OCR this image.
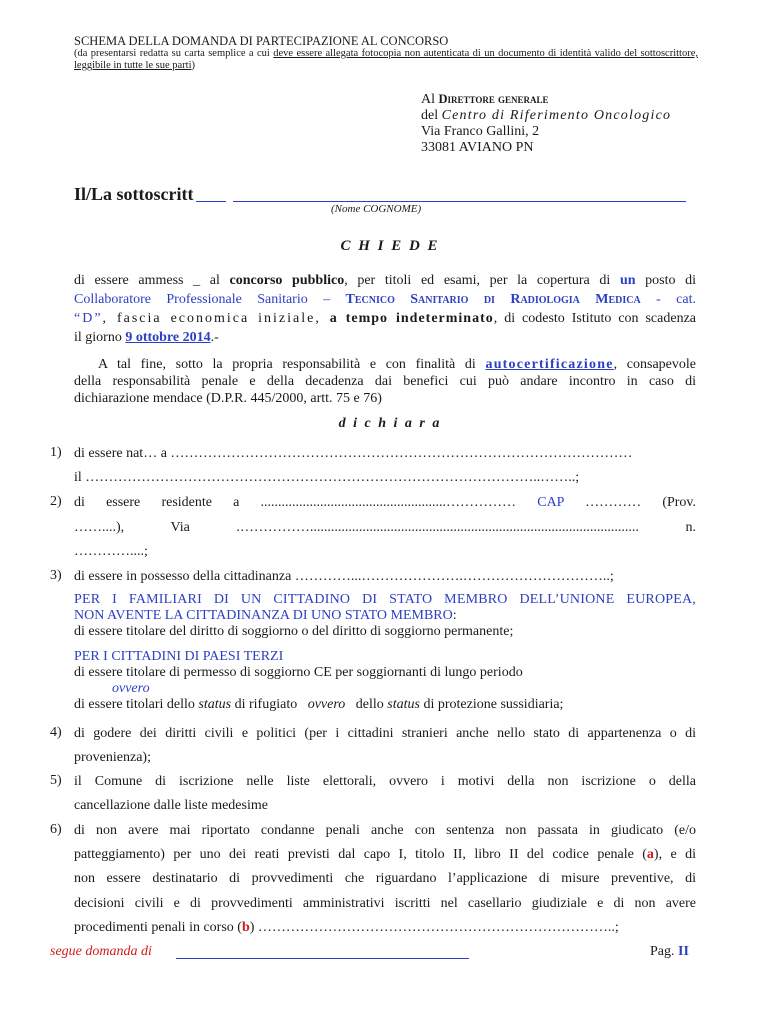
SCHEMA DELLA DOMANDA DI PARTECIPAZIONE AL CONCORSO
(da presentarsi redatta su carta semplice a cui deve essere allegata fotocopia non autenticata di un documento di identità valido del sottoscrittore,
leggibile in tutte le sue parti)
Al Direttore generale
del Centro di Riferimento Oncologico
Via Franco Gallini, 2
33081 AVIANO PN
Il/La sottoscritt
(Nome COGNOME)
C H I E D E
di essere ammess _ al concorso pubblico, per titoli ed esami, per la copertura di un posto di
Collaboratore Professionale Sanitario – Tecnico Sanitario di Radiologia Medica - cat.
“D”, fascia economica iniziale, a tempo indeterminato, di codesto Istituto con scadenza
il giorno 9 ottobre 2014.-
A tal fine, sotto la propria responsabilità e con finalità di autocertificazione, consapevole
della responsabilità penale e della decadenza dai benefici cui può andare incontro in caso di
dichiarazione mendace (D.P.R. 445/2000, artt. 75 e 76)
d i c h i a r a
1) di essere nat… a ………………………………………………………………………………………
il ……………………………………………………………………………………..……..;
2) di essere residente a .....................................................…………… CAP ………… (Prov.
……....), Via .…………….............................................................................................. n.
…………....;
3) di essere in possesso della cittadinanza …………...………………….…………………………..;
PER I FAMILIARI DI UN CITTADINO DI STATO MEMBRO DELL’UNIONE EUROPEA,
NON AVENTE LA CITTADINANZA DI UNO STATO MEMBRO:
di essere titolare del diritto di soggiorno o del diritto di soggiorno permanente;
PER I CITTADINI DI PAESI TERZI
di essere titolare di permesso di soggiorno CE per soggiornanti di lungo periodo
ovvero
di essere titolari dello status di rifugiato ovvero dello status di protezione sussidiaria;
4) di godere dei diritti civili e politici (per i cittadini stranieri anche nello stato di appartenenza o di
provenienza);
5) il Comune di iscrizione nelle liste elettorali, ovvero i motivi della non iscrizione o della
cancellazione dalle liste medesime
6) di non avere mai riportato condanne penali anche con sentenza non passata in giudicato (e/o
patteggiamento) per uno dei reati previsti dal capo I, titolo II, libro II del codice penale (a), e di
non essere destinatario di provvedimenti che riguardano l’applicazione di misure preventive, di
decisioni civili e di provvedimenti amministrativi iscritti nel casellario giudiziale e di non avere
procedimenti penali in corso (b) …………………………………………………………………..;
segue domanda di	Pag. II
